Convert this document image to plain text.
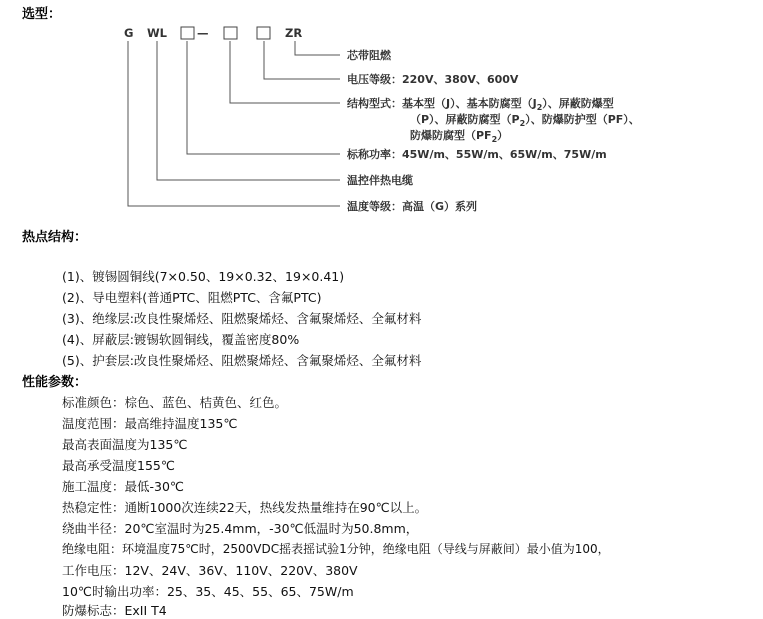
选型：
G WL	—	ZR
芯带阻燃
电压等级：220V、380V、600V
结构型式：基本型（J）、基本防腐型$(J_2)$、屏蔽防爆型
（P）、屏蔽防腐型$(P_2)$、防爆防护型（PF）、
防爆防腐型$(PF_2)$
标称功率：45W/m、55W/m、65W/m、75W/m
温控伴热电缆
温度等级：高温（G）系列
热点结构：
(1)、镀锡圆铜线(7×0.50、19×0.32、19×0.41)
(2)、导电塑料(普通PTC、阻燃PTC、含氟PTC)
(3)、绝缘层:改良性聚烯烃、阻燃聚烯烃、含氟聚烯烃、全氟材料
(4)、屏蔽层:镀锡软圆铜线，覆盖密度80%
(5)、护套层:改良性聚烯烃、阻燃聚烯烃、含氟聚烯烃、全氟材料
性能参数：
标准颜色：棕色、蓝色、桔黄色、红色。
温度范围：最高维持温度135℃
最高表面温度为135℃
最高承受温度155℃
施工温度：最低-30℃
热稳定性：通断1000次连续22天，热线发热量维持在90℃以上。
绕曲半径：20℃室温时为25.4mm，-30℃低温时为50.8mm，
绝缘电阻：环境温度75℃时，2500VDC摇表摇试验1分钟，绝缘电阻（导线与屏蔽间）最小值为100，
工作电压：12V、24V、36V、110V、220V、380V
10℃时输出功率：25、35、45、55、65、75W/m
防爆标志：ExII T4
